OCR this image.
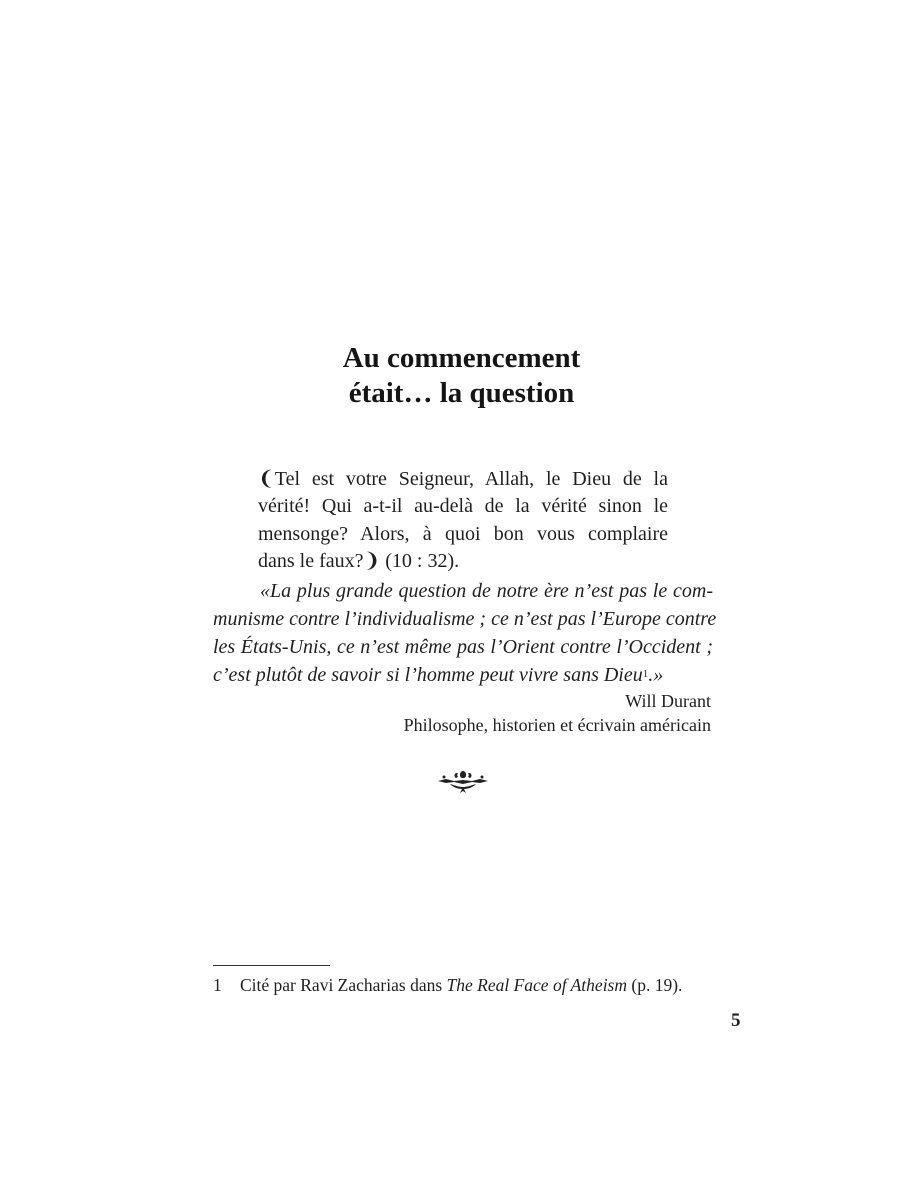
Au commencement
était… la question
❨Tel est votre Seigneur, Allah, le Dieu de la
vérité! Qui a-t-il au-delà de la vérité sinon le
mensonge? Alors, à quoi bon vous complaire
dans le faux?❩ (10 : 32).
«La plus grande question de notre ère n’est pas le com-
munisme contre l’individualisme ; ce n’est pas l’Europe contre
les États-Unis, ce n’est même pas l’Orient contre l’Occident ;
c’est plutôt de savoir si l’homme peut vivre sans Dieu$^1$.»
Will Durant
Philosophe, historien et écrivain américain
1 Cité par Ravi Zacharias dans The Real Face of Atheism (p. 19).
5
